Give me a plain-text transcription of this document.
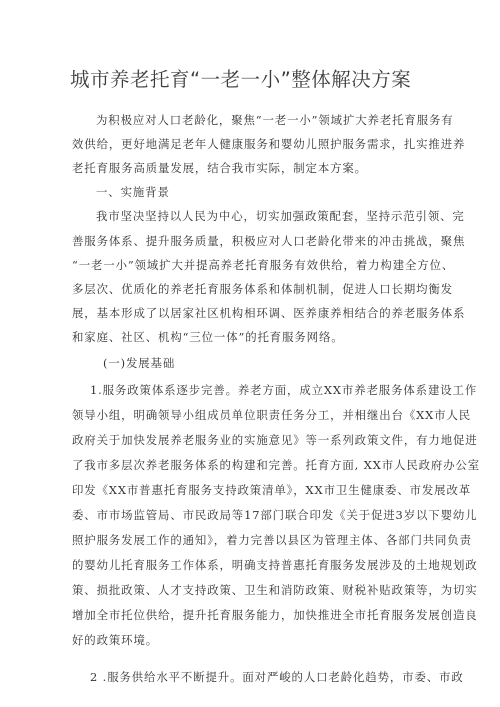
城市养老托育“一老一小”整体解决方案
为积极应对人口老龄化，聚焦“一老一小”领域扩大养老托育服务有
效供给，更好地满足老年人健康服务和婴幼儿照护服务需求，扎实推进养
老托育服务高质量发展，结合我市实际，制定本方案。
一、实施背景
我市坚决坚持以人民为中心，切实加强政策配套，坚持示范引领、完
善服务体系、提升服务质量，积极应对人口老龄化带来的冲击挑战，聚焦
“一老一小”领域扩大并提高养老托育服务有效供给，着力构建全方位、
多层次、优质化的养老托育服务体系和体制机制，促进人口长期均衡发
展，基本形成了以居家社区机构相环调、医养康养相结合的养老服务体系
和家庭、社区、机构“三位一体”的托育服务网络。
(一)发展基础
1.服务政策体系逐步完善。养老方面，成立XX市养老服务体系建设工作
领导小组，明确领导小组成员单位职责任务分工，并相继出台《XX市人民
政府关于加快发展养老服务业的实施意见》等一系列政策文件，有力地促进
了我市多层次养老服务体系的构建和完善。托育方面, XX市人民政府办公室
印发《XX市普惠托育服务支持政策清单》，XX市卫生健康委、市发展改革
委、市市场监管局、市民政局等17部门联合印发《关于促进3岁以下婴幼儿
照护服务发展工作的通知》，着力完善以县区为管理主体、各部门共同负责
的婴幼儿托育服务工作体系，明确支持普惠托育服务发展涉及的土地规划政
策、损批政策、人才支持政策、卫生和消防政策、财税补贴政策等，为切实
增加全市托位供给，提升托育服务能力，加快推进全市托育服务发展创造良
好的政策环境。
2 .服务供给水平不断提升。面对严峻的人口老龄化趋势，市委、市政
